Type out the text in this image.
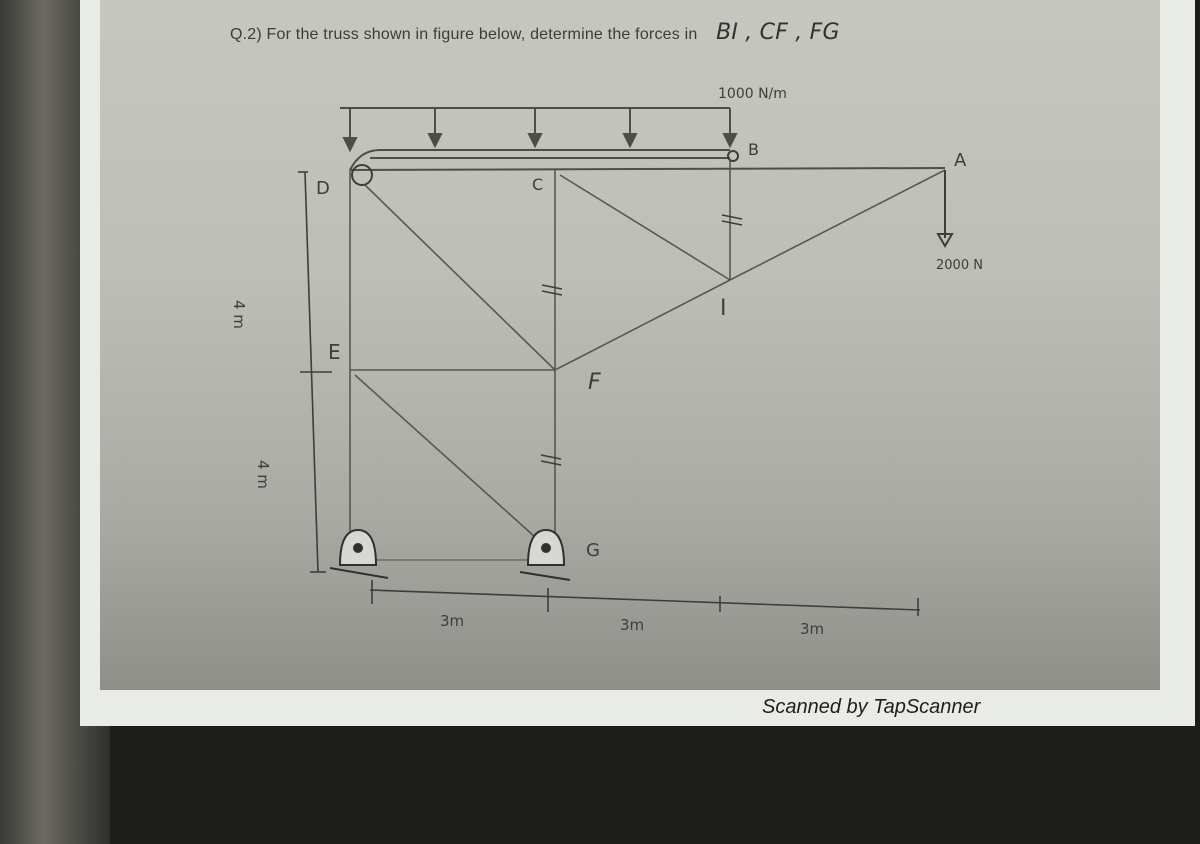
Q.2) For the truss shown in figure below, determine the forces in BI , CF , FG
1000 N/m
2000 N
A
B
C
D
E
F
G
I
4 m
4 m
3m	3m	3m
Scanned by TapScanner
